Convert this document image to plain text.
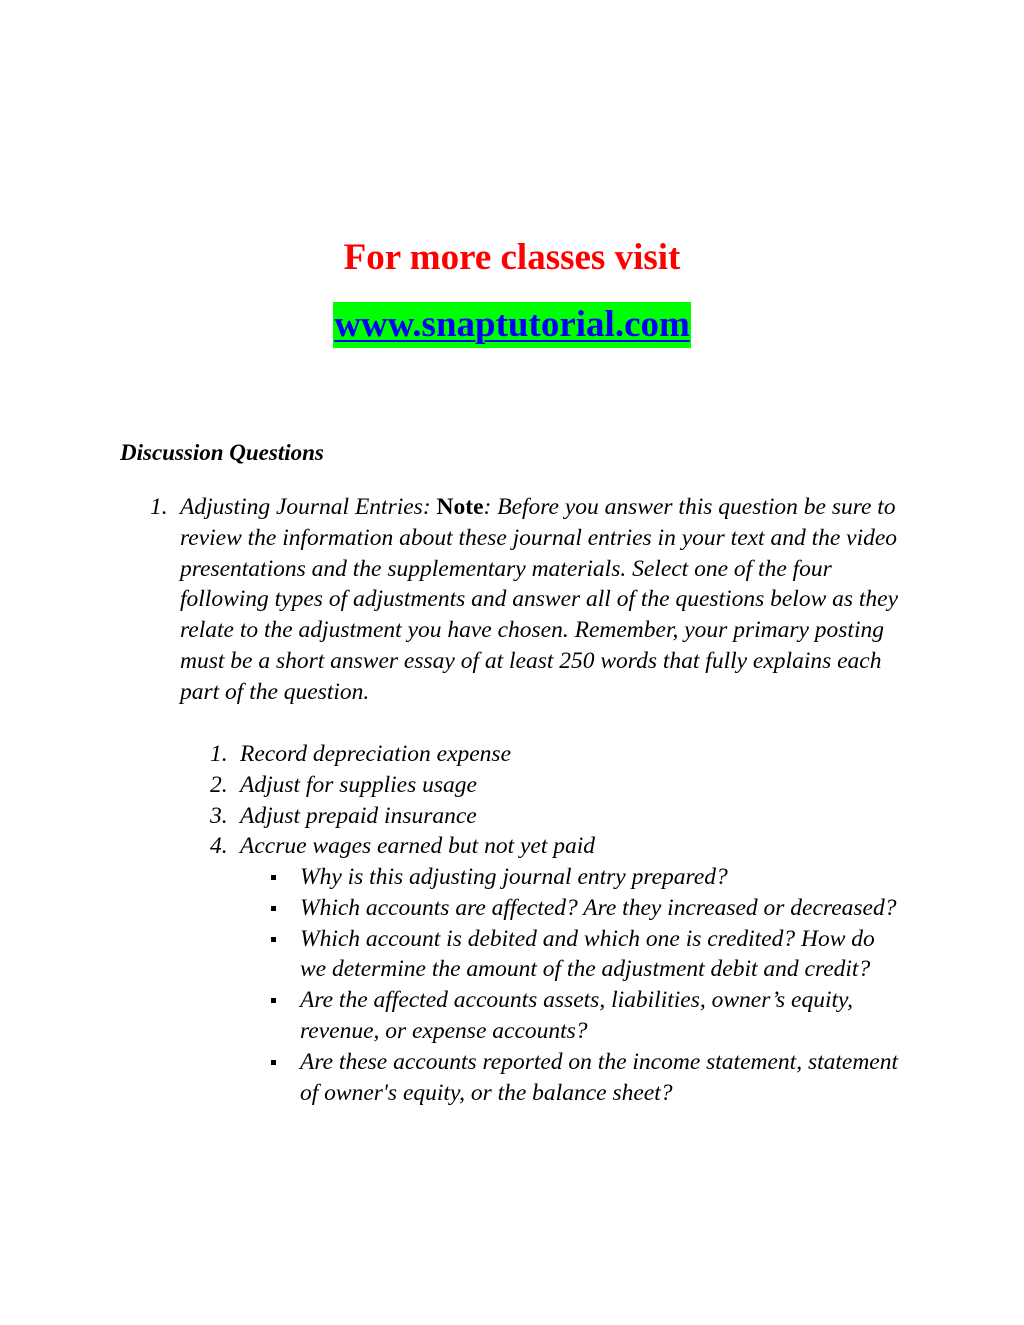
For more classes visit
www.snaptutorial.com
Discussion Questions
1. Adjusting Journal Entries: Note: Before you answer this question be sure to review the information about these journal entries in your text and the video presentations and the supplementary materials. Select one of the four following types of adjustments and answer all of the questions below as they relate to the adjustment you have chosen. Remember, your primary posting must be a short answer essay of at least 250 words that fully explains each part of the question.

1. Record depreciation expense
2. Adjust for supplies usage
3. Adjust prepaid insurance
4. Accrue wages earned but not yet paid
Why is this adjusting journal entry prepared?
Which accounts are affected? Are they increased or decreased?
Which account is debited and which one is credited? How do we determine the amount of the adjustment debit and credit?
Are the affected accounts assets, liabilities, owner’s equity, revenue, or expense accounts?
Are these accounts reported on the income statement, statement of owner's equity, or the balance sheet?
